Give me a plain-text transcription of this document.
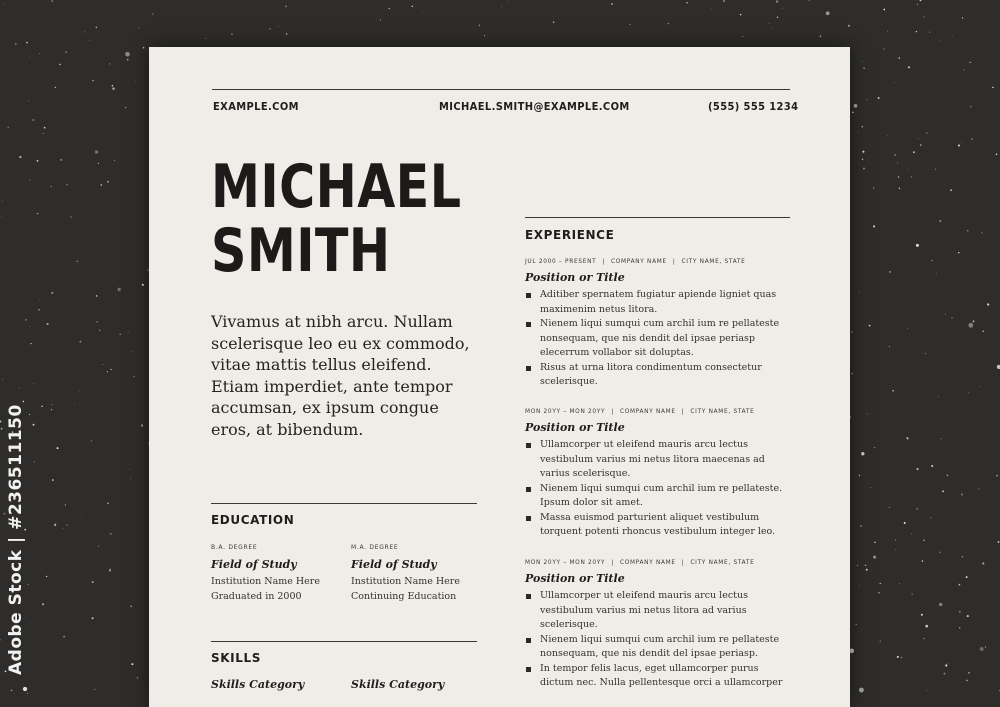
Adobe Stock | #236511150
EXAMPLE.COM	MICHAEL.SMITH@EXAMPLE.COM	(555) 555 1234
MICHAEL
SMITH
Vivamus at nibh arcu. Nullam scelerisque leo eu ex commodo, vitae mattis tellus eleifend. Etiam imperdiet, ante tempor accumsan, ex ipsum congue eros, at bibendum.
EDUCATION
B.A. DEGREE
Field of Study
Institution Name Here
Graduated in 2000
M.A. DEGREE
Field of Study
Institution Name Here
Continuing Education
SKILLS
Skills Category	Skills Category
EXPERIENCE
JUL 2000 – PRESENT | COMPANY NAME | CITY NAME, STATE
Position or Title
Aditiber spernatem fugiatur apiende ligniet quas maximenim netus litora.
Nienem liqui sumqui cum archil ium re pellateste nonsequam, que nis dendit del ipsae periasp elecerrum vollabor sit doluptas.
Risus at urna litora condimentum consectetur scelerisque.
MON 20YY – MON 20YY | COMPANY NAME | CITY NAME, STATE
Position or Title
Ullamcorper ut eleifend mauris arcu lectus vestibulum varius mi netus litora maecenas ad varius scelerisque.
Nienem liqui sumqui cum archil ium re pellateste. Ipsum dolor sit amet.
Massa euismod parturient aliquet vestibulum torquent potenti rhoncus vestibulum integer leo.
MON 20YY – MON 20YY | COMPANY NAME | CITY NAME, STATE
Position or Title
Ullamcorper ut eleifend mauris arcu lectus vestibulum varius mi netus litora ad varius scelerisque.
Nienem liqui sumqui cum archil ium re pellateste nonsequam, que nis dendit del ipsae periasp.
In tempor felis lacus, eget ullamcorper purus dictum nec. Nulla pellentesque orci a ullamcorper
